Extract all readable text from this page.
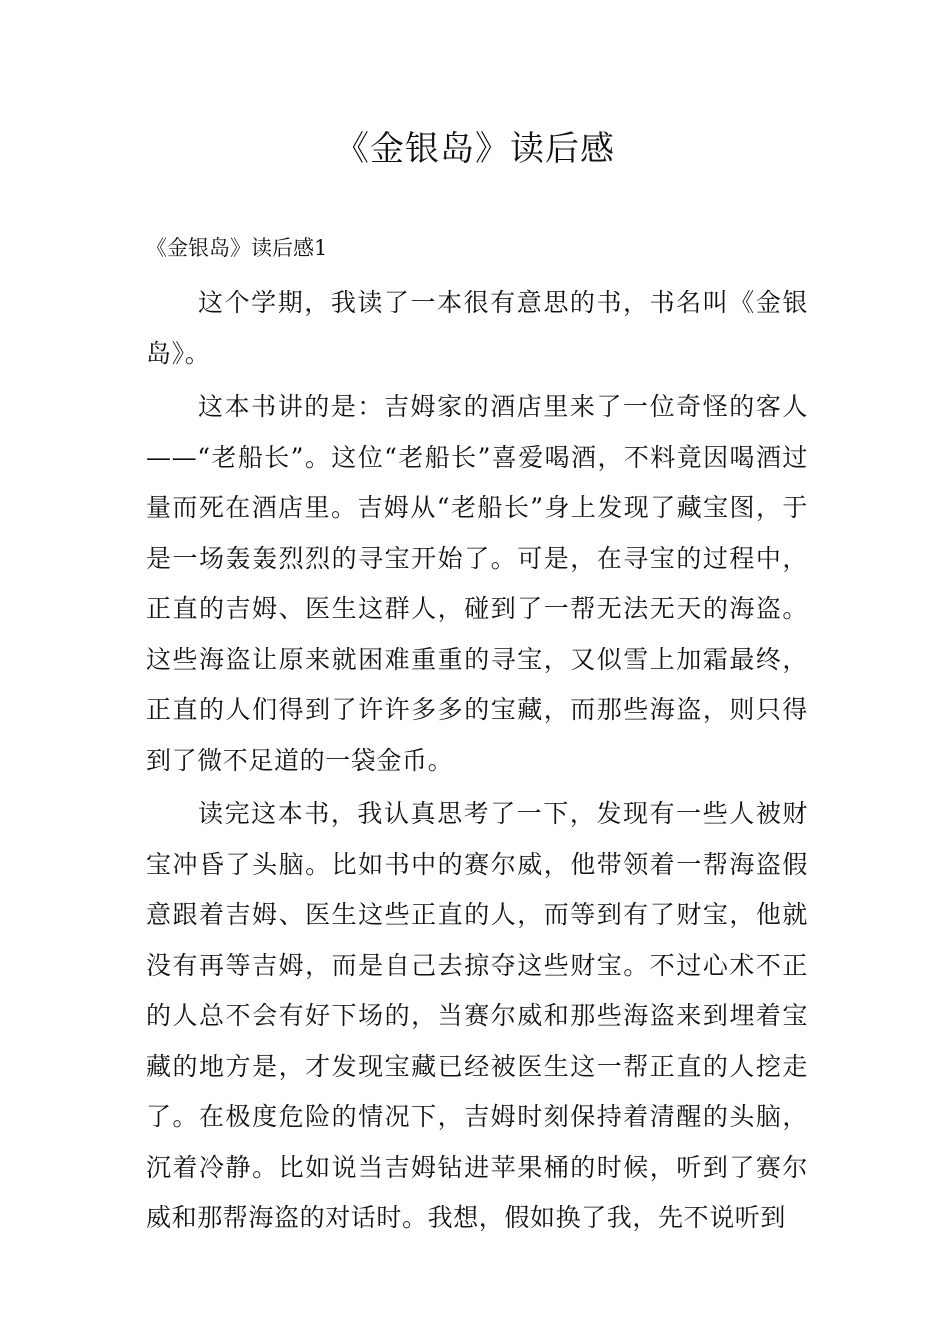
《金银岛》读后感

《金银岛》读后感1

这个学期，我读了一本很有意思的书，书名叫《金银岛》。

这本书讲的是：吉姆家的酒店里来了一位奇怪的客人——“老船长”。这位“老船长”喜爱喝酒，不料竟因喝酒过量而死在酒店里。吉姆从“老船长”身上发现了藏宝图，于是一场轰轰烈烈的寻宝开始了。可是，在寻宝的过程中，正直的吉姆、医生这群人，碰到了一帮无法无天的海盗。这些海盗让原来就困难重重的寻宝，又似雪上加霜最终，正直的人们得到了许许多多的宝藏，而那些海盗，则只得到了微不足道的一袋金币。

读完这本书，我认真思考了一下，发现有一些人被财宝冲昏了头脑。比如书中的赛尔威，他带领着一帮海盗假意跟着吉姆、医生这些正直的人，而等到有了财宝，他就没有再等吉姆，而是自己去掠夺这些财宝。不过心术不正的人总不会有好下场的，当赛尔威和那些海盗来到埋着宝藏的地方是，才发现宝藏已经被医生这一帮正直的人挖走了。在极度危险的情况下，吉姆时刻保持着清醒的头脑，沉着冷静。比如说当吉姆钻进苹果桶的时候，听到了赛尔威和那帮海盗的对话时。我想，假如换了我，先不说听到
